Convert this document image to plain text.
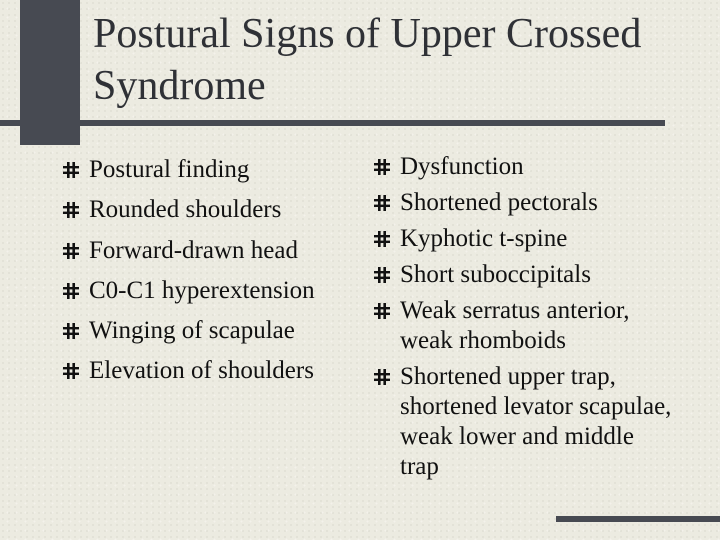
Postural Signs of Upper Crossed Syndrome
Postural finding
Rounded shoulders
Forward-drawn head
C0-C1 hyperextension
Winging of scapulae
Elevation of shoulders
Dysfunction
Shortened pectorals
Kyphotic t-spine
Short suboccipitals
Weak serratus anterior, weak rhomboids
Shortened upper trap, shortened levator scapulae, weak lower and middle trap
